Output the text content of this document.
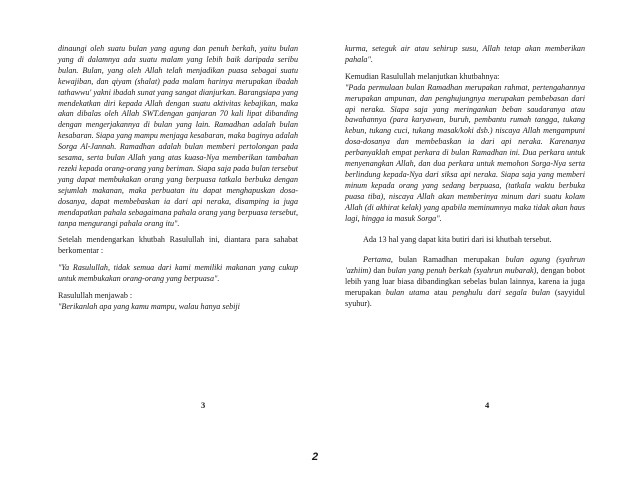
dinaungi oleh suatu bulan yang agung dan penuh berkah, yaitu bulan yang di dalamnya ada suatu malam yang lebih baik daripada seribu bulan. Bulan, yang oleh Allah telah menjadikan puasa sebagai suatu kewajiban, dan qiyam (shalat) pada malam harinya merupakan ibadah tathawwu' yakni ibadah sunat yang sangat dianjurkan. Barangsiapa yang mendekatkan diri kepada Allah dengan suatu aktivitas kebajikan, maka akan dibalas oleh Allah SWT.dengan ganjaran 70 kali lipat dibanding dengan mengerjakannya di bulan yang lain. Ramadhan adalah bulan kesabaran. Siapa yang mampu menjaga kesabaran, maka baginya adalah Sorga Al-Jannah. Ramadhan adalah bulan memberi pertolongan pada sesama, serta bulan Allah yang atas kuasa-Nya memberikan tambahan rezeki kepada orang-orang yang beriman. Siapa saja pada bulan tersebut yang dapat membukakan orang yang berpuasa tatkala berbuka dengan sejumlah makanan, maka perbuatan itu dapat menghapuskan dosa-dosanya, dapat membebaskan ia dari api neraka, disamping ia juga mendapatkan pahala sebagaimana pahala orang yang berpuasa tersebut, tanpa mengurangi pahala orang itu".

Setelah mendengarkan khutbah Rasulullah ini, diantara para sahabat berkomentar :

"Ya Rasulullah, tidak semua dari kami memiliki makanan yang cukup untuk membukakan orang-orang yang berpuasa".

Rasulullah menjawab :

"Berikanlah apa yang kamu mampu, walau hanya sebiji

kurma, seteguk air atau sehirup susu, Allah tetap akan memberikan pahala".

Kemudian Rasulullah melanjutkan khutbahnya:

"Pada permulaan bulan Ramadhan merupakan rahmat, pertengahannya merupakan ampunan, dan penghujungnya merupakan pembebasan dari api neraka. Siapa saja yang meringankan beban saudaranya atau bawahannya (para karyawan, buruh, pembantu rumah tangga, tukang kebun, tukang cuci, tukang masak/koki dsb.) niscaya Allah mengampuni dosa-dosanya dan membebaskan ia dari api neraka. Karenanya perbanyaklah empat perkara di bulan Ramadhan ini. Dua perkara untuk menyenangkan Allah, dan dua perkara untuk memohon Sorga-Nya serta berlindung kepada-Nya dari siksa api neraka. Siapa saja yang memberi minum kepada orang yang sedang berpuasa, (tatkala waktu berbuka puasa tiba), niscaya Allah akan memberinya minum dari suatu kolam Allah (di akhirat kelak) yang apabila meminumnya maka tidak akan haus lagi, hingga ia masuk Sorga".

Ada 13 hal yang dapat kita butiri dari isi khutbah tersebut.

Pertama, bulan Ramadhan merupakan bulan agung (syahrun 'azhiim) dan bulan yang penuh berkah (syahrun mubarak), dengan bobot lebih yang luar biasa dibandingkan sebelas bulan lainnya, karena ia juga merupakan bulan utama atau penghulu dari segala bulan (sayyidul syuhur).

3	4
2
